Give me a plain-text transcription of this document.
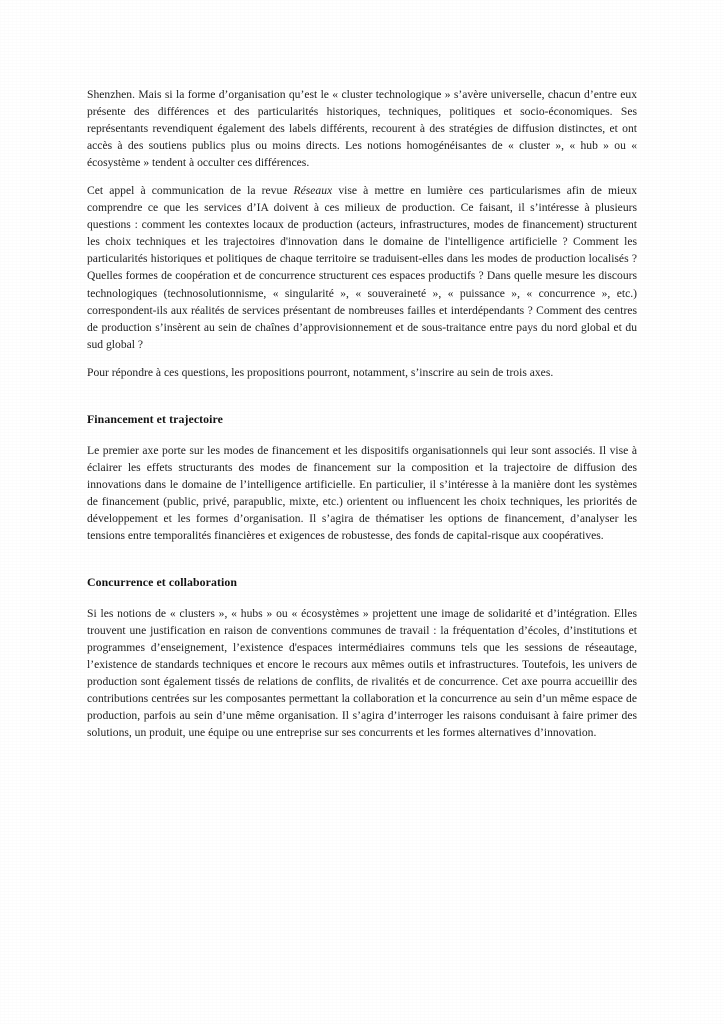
Shenzhen. Mais si la forme d’organisation qu’est le « cluster technologique » s’avère universelle, chacun d’entre eux présente des différences et des particularités historiques, techniques, politiques et socio-économiques. Ses représentants revendiquent également des labels différents, recourent à des stratégies de diffusion distinctes, et ont accès à des soutiens publics plus ou moins directs. Les notions homogénéisantes de « cluster », « hub » ou « écosystème » tendent à occulter ces différences.

Cet appel à communication de la revue Réseaux vise à mettre en lumière ces particularismes afin de mieux comprendre ce que les services d’IA doivent à ces milieux de production. Ce faisant, il s’intéresse à plusieurs questions : comment les contextes locaux de production (acteurs, infrastructures, modes de financement) structurent les choix techniques et les trajectoires d'innovation dans le domaine de l'intelligence artificielle ? Comment les particularités historiques et politiques de chaque territoire se traduisent-elles dans les modes de production localisés ? Quelles formes de coopération et de concurrence structurent ces espaces productifs ? Dans quelle mesure les discours technologiques (technosolutionnisme, « singularité », « souveraineté », « puissance », « concurrence », etc.) correspondent-ils aux réalités de services présentant de nombreuses failles et interdépendants ? Comment des centres de production s’insèrent au sein de chaînes d’approvisionnement et de sous-traitance entre pays du nord global et du sud global ?

Pour répondre à ces questions, les propositions pourront, notamment, s’inscrire au sein de trois axes.

Financement et trajectoire

Le premier axe porte sur les modes de financement et les dispositifs organisationnels qui leur sont associés. Il vise à éclairer les effets structurants des modes de financement sur la composition et la trajectoire de diffusion des innovations dans le domaine de l’intelligence artificielle. En particulier, il s’intéresse à la manière dont les systèmes de financement (public, privé, parapublic, mixte, etc.) orientent ou influencent les choix techniques, les priorités de développement et les formes d’organisation. Il s’agira de thématiser les options de financement, d’analyser les tensions entre temporalités financières et exigences de robustesse, des fonds de capital-risque aux coopératives.

Concurrence et collaboration

Si les notions de « clusters », « hubs » ou « écosystèmes » projettent une image de solidarité et d’intégration. Elles trouvent une justification en raison de conventions communes de travail : la fréquentation d’écoles, d’institutions et programmes d’enseignement, l’existence d'espaces intermédiaires communs tels que les sessions de réseautage, l’existence de standards techniques et encore le recours aux mêmes outils et infrastructures. Toutefois, les univers de production sont également tissés de relations de conflits, de rivalités et de concurrence. Cet axe pourra accueillir des contributions centrées sur les composantes permettant la collaboration et la concurrence au sein d’un même espace de production, parfois au sein d’une même organisation. Il s’agira d’interroger les raisons conduisant à faire primer des solutions, un produit, une équipe ou une entreprise sur ses concurrents et les formes alternatives d’innovation.
